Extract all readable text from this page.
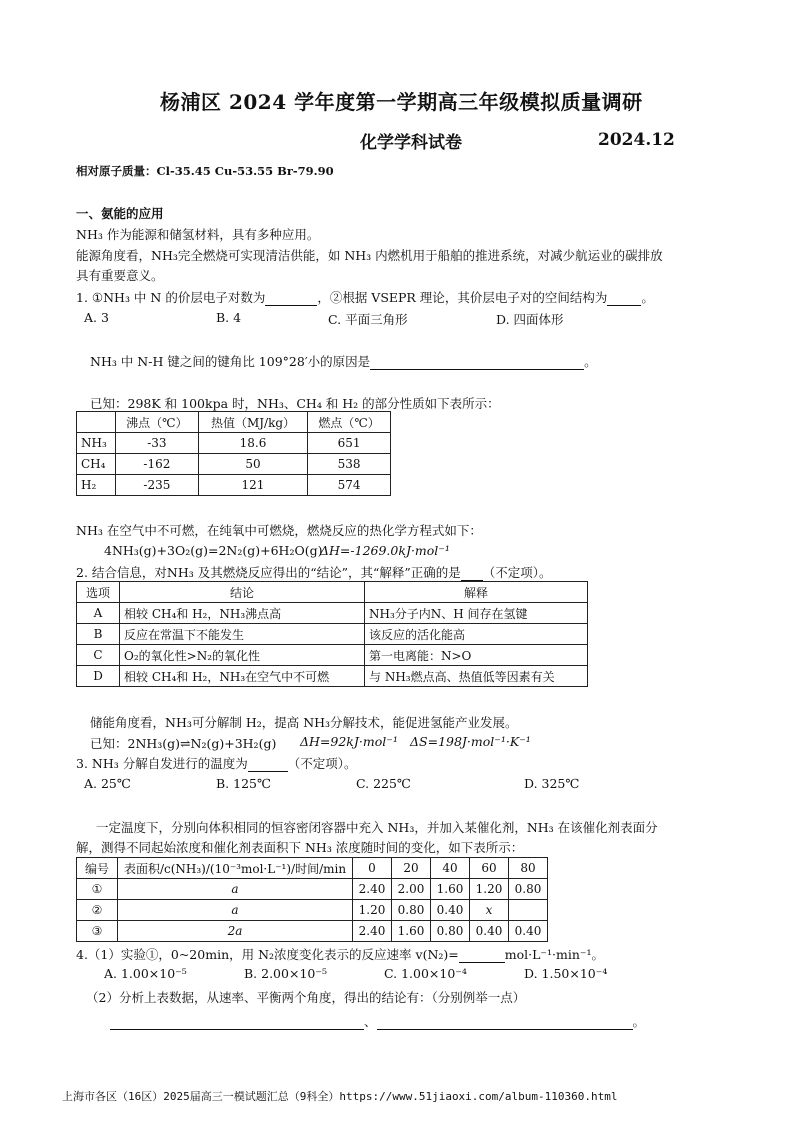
杨浦区 2024 学年度第一学期高三年级模拟质量调研
化学学科试卷	2024.12
相对原子质量：Cl-35.45 Cu-53.55 Br-79.90
一、氨能的应用
NH₃ 作为能源和储氢材料，具有多种应用。
能源角度看，NH₃完全燃烧可实现清洁供能，如 NH₃ 内燃机用于船舶的推进系统，对减少航运业的碳排放
具有重要意义。
1. ①NH₃ 中 N 的价层电子对数为	，②根据 VSEPR 理论，其价层电子对的空间结构为	。
A. 3	B. 4	C. 平面三角形	D. 四面体形
NH₃ 中 N-H 键之间的键角比 109°28′小的原因是	。
已知：298K 和 100kpa 时，NH₃、CH₄ 和 H₂ 的部分性质如下表所示：
	沸点（℃）	热值（MJ/kg）	燃点（℃）
NH₃	-33	18.6	651
CH₄	-162	50	538
H₂	-235	121	574
NH₃ 在空气中不可燃，在纯氧中可燃烧，燃烧反应的热化学方程式如下：
4NH₃(g)+3O₂(g)=2N₂(g)+6H₂O(g)
ΔH=-1269.0kJ·mol⁻¹
2. 结合信息，对NH₃ 及其燃烧反应得出的“结论”，其“解释”正确的是 （不定项）。
选项	结论	解释
A	相较 CH₄和 H₂，NH₃沸点高	NH₃分子内N、H 间存在氢键
B	反应在常温下不能发生	该反应的活化能高
C	O₂的氧化性>N₂的氧化性	第一电离能：N>O
D	相较 CH₄和 H₂，NH₃在空气中不可燃	与 NH₃燃点高、热值低等因素有关
储能角度看，NH₃可分解制 H₂，提高 NH₃分解技术，能促进氢能产业发展。
已知：2NH₃(g)⇌N₂(g)+3H₂(g) ΔH=92kJ·mol⁻¹ ΔS=198J·mol⁻¹·K⁻¹
3. NH₃ 分解自发进行的温度为	（不定项）。
A. 25℃	B. 125℃	C. 225℃	D. 325℃
一定温度下，分别向体积相同的恒容密闭容器中充入 NH₃，并加入某催化剂，NH₃ 在该催化剂表面分
解，测得不同起始浓度和催化剂表面积下 NH₃ 浓度随时间的变化，如下表所示：
编号	表面积/c(NH₃)/(10⁻³mol·L⁻¹)/时间/min	0	20	40	60	80
①	a	2.40	2.00	1.60	1.20	0.80
②	a	1.20	0.80	0.40	x	
③	2a	2.40	1.60	0.80	0.40	0.40
4.（1）实验①，0~20min，用 N₂浓度变化表示的反应速率 v(N₂)=	mol·L⁻¹·min⁻¹。
A. 1.00×10⁻⁵	B. 2.00×10⁻⁵	C. 1.00×10⁻⁴	D. 1.50×10⁻⁴
（2）分析上表数据，从速率、平衡两个角度，得出的结论有：（分别例举一点）
、	。
上海市各区（16区）2025届高三一模试题汇总（9科全）https://www.51jiaoxi.com/album-110360.html
